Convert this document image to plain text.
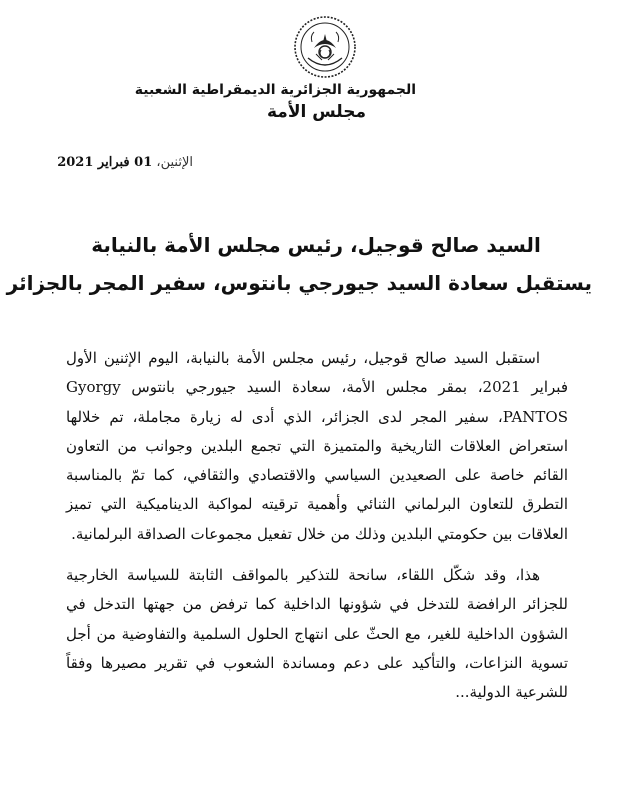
الجمهورية الجزائرية الديمقراطية الشعبية
مجلس الأمة
الإثنين، 01 فبراير 2021
السيد صالح قوجيل، رئيس مجلس الأمة بالنيابة
يستقبل سعادة السيد جيورجي بانتوس، سفير المجر بالجزائر

استقبل السيد صالح قوجيل، رئيس مجلس الأمة بالنيابة، اليوم الإثنين الأول فبراير 2021، بمقر مجلس الأمة، سعادة السيد جيورجي بانتوس Gyorgy PANTOS، سفير المجر لدى الجزائر، الذي أدى له زيارة مجاملة، تم خلالها استعراض العلاقات التاريخية والمتميزة التي تجمع البلدين وجوانب من التعاون القائم خاصة على الصعيدين السياسي والاقتصادي والثقافي، كما تمّ بالمناسبة التطرق للتعاون البرلماني الثنائي وأهمية ترقيته لمواكبة الديناميكية التي تميز العلاقات بين حكومتي البلدين وذلك من خلال تفعيل مجموعات الصداقة البرلمانية.

هذا، وقد شكّل اللقاء، سانحة للتذكير بالمواقف الثابتة للسياسة الخارجية للجزائر الرافضة للتدخل في شؤونها الداخلية كما ترفض من جهتها التدخل في الشؤون الداخلية للغير، مع الحثّ على انتهاج الحلول السلمية والتفاوضية من أجل تسوية النزاعات، والتأكيد على دعم ومساندة الشعوب في تقرير مصيرها وفقاً للشرعية الدولية...
